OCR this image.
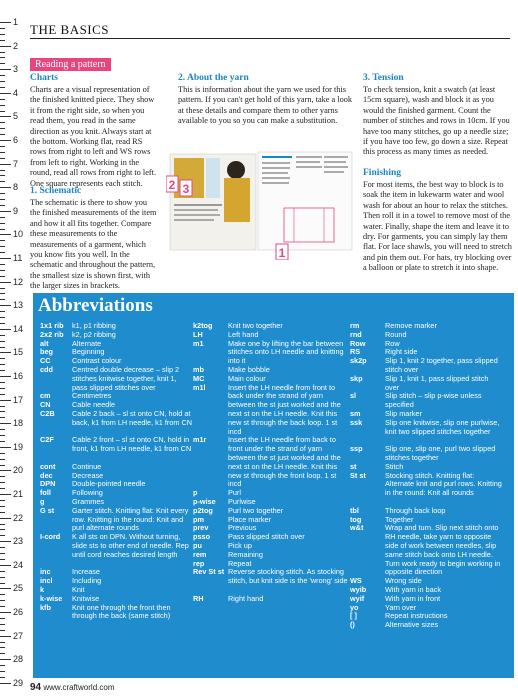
1
2
3
4
5
6
7
8
9
10
11
12
13
14
15
16
17
18
19
20
21
22
23
24
25
26
27
28
29
THE BASICS
Reading a pattern

Charts

Charts are a visual representation of the finished knitted piece. They show it from the right side, so when you read them, you read in the same direction as you knit. Always start at the bottom. Working flat, read RS rows from right to left and WS rows from left to right. Working in the round, read all rows from right to left. One square represents each stitch.

1. Schematic

The schematic is there to show you the finished measurements of the item and how it all fits together. Compare these measurements to the measurements of a garment, which you know fits you well. In the schematic and throughout the pattern, the smallest size is shown first, with the larger sizes in brackets.

2. About the yarn

This is information about the yarn we used for this pattern. If you can't get hold of this yarn, take a look at these details and compare them to other yarns available to you so you can make a substitution.

2 3
1

3. Tension

To check tension, knit a swatch (at least 15cm square), wash and block it as you would the finished garment. Count the number of stitches and rows in 10cm. If you have too many stitches, go up a needle size; if you have too few, go down a size. Repeat this process as many times as needed.

Finishing

For most items, the best way to block is to soak the item in lukewarm water and wool wash for about an hour to relax the stitches. Then roll it in a towel to remove most of the water. Finally, shape the item and leave it to dry. For garments, you can simply lay them flat. For lace shawls, you will need to stretch and pin them out. For hats, try blocking over a balloon or plate to stretch it into shape.

Abbreviations
1x1 rib	k1, p1 ribbing
2x2 rib	k2, p2 ribbing
alt	Alternate
beg	Beginning
CC	Contrast colour
cdd	Centred double decrease – slip 2 stitches knitwise together, knit 1, pass slipped stitches over
cm	Centimetres
CN	Cable needle
C2B	Cable 2 back – sl st onto CN, hold at back, k1 from LH needle, k1 from CN
C2F	Cable 2 front – sl st onto CN, hold in front, k1 from LH needle, k1 from CN
cont	Continue
dec	Decrease
DPN	Double-pointed needle
foll	Following
g	Grammes
G st	Garter stitch. Knitting flat: Knit every row. Knitting in the round: Knit and purl alternate rounds
I-cord	K all sts on DPN. Without turning, slide sts to other end of needle. Rep until cord reaches desired length
inc	Increase
incl	Including
k	Knit
k-wise	Knitwise
kfb	Knit one through the front then through the back (same stitch)
k2tog	Knit two together
LH	Left hand
m1	Make one by lifting the bar between stitches onto LH needle and knitting into it
mb	Make bobble
MC	Main colour
m1l	Insert the LH needle from front to back under the strand of yarn between the st just worked and the next st on the LH needle. Knit this new st through the back loop. 1 st incd
m1r	Insert the LH needle from back to front under the strand of yarn between the st just worked and the next st on the LH needle. Knit this new st through the front loop. 1 st incd
p	Purl
p-wise	Purlwise
p2tog	Purl two together
pm	Place marker
prev	Previous
psso	Pass slipped stitch over
pu	Pick up
rem	Remaining
rep	Repeat
Rev St st Reverse stocking stitch. As stocking stitch, but knit side is the 'wrong' side
RH	Right hand
rm	Remove marker
rnd	Round
Row	Row
RS	Right side
sk2p	Slip 1, knit 2 together, pass slipped stitch over
skp	Slip 1, knit 1, pass slipped stitch over
sl	Slip stitch – slip p-wise unless specified
sm	Slip marker
ssk	Slip one knitwise, slip one purlwise, knit two slipped stitches together
ssp	Slip one, slip one, purl two slipped stitches together
st	Stitch
St st	Stocking stitch. Knitting flat: Alternate knit and purl rows. Knitting in the round: Knit all rounds
tbl	Through back loop
tog	Together
w&t	Wrap and turn. Slip next stitch onto RH needle, take yarn to opposite side of work between needles, slip same stitch back onto LH needle. Turn work ready to begin working in opposite direction
WS	Wrong side
wyib	With yarn in back
wyif	With yarn in front
yo	Yarn over
[ ]	Repeat instructions
()	Alternative sizes
94 www.craftworld.com
